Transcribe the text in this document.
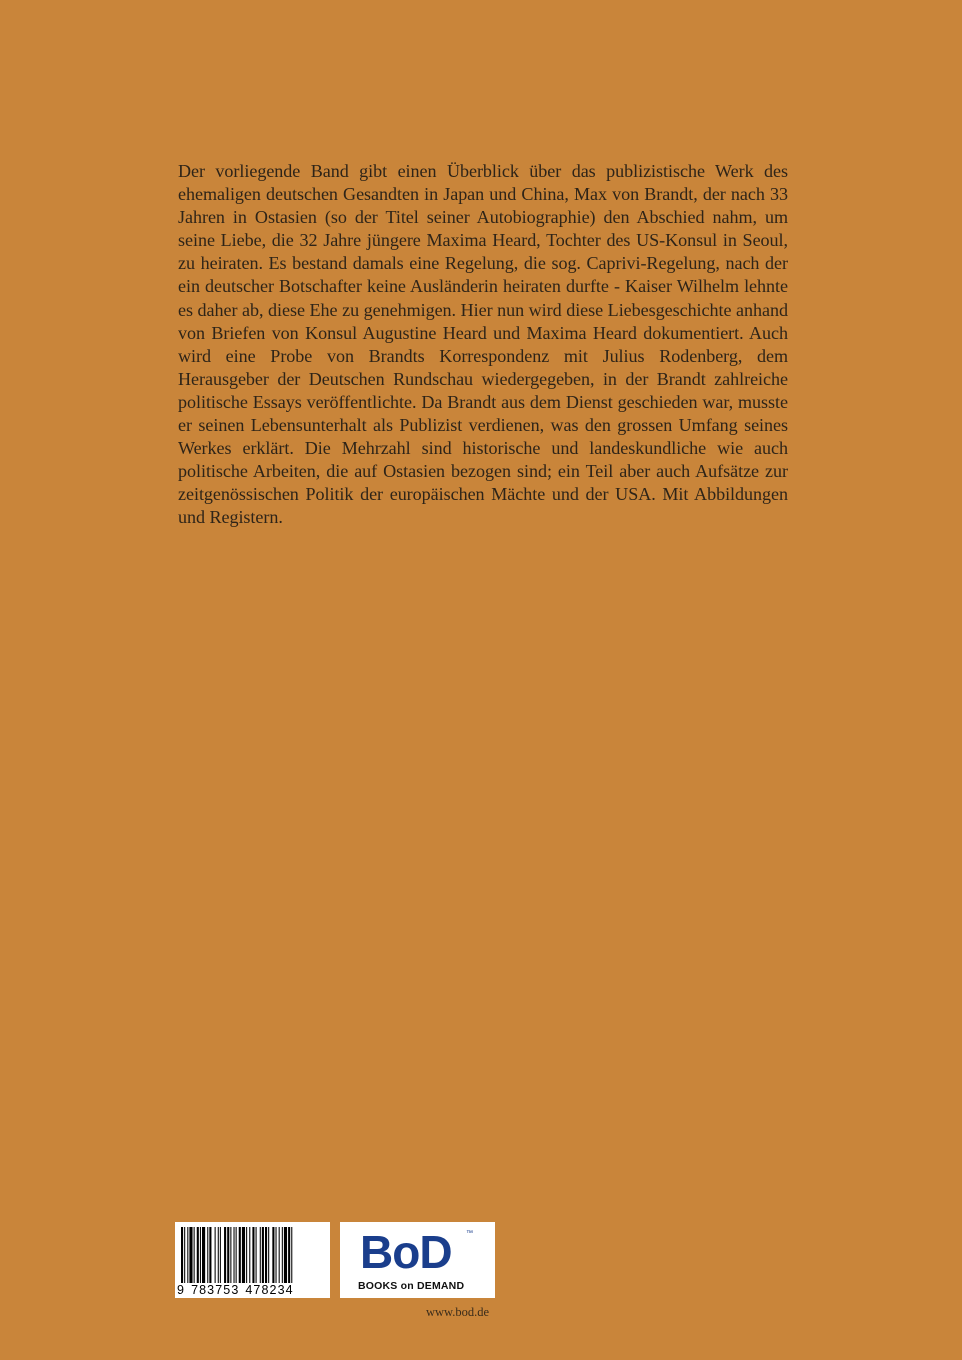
Der vorliegende Band gibt einen Überblick über das publizistische Werk des ehemaligen deutschen Gesandten in Japan und China, Max von Brandt, der nach 33 Jahren in Ostasien (so der Titel seiner Autobiographie) den Abschied nahm, um seine Liebe, die 32 Jahre jüngere Maxima Heard, Tochter des US-Konsul in Seoul, zu heiraten. Es bestand damals eine Regelung, die sog. Caprivi-Regelung, nach der ein deutscher Botschafter keine Ausländerin heiraten durfte - Kaiser Wilhelm lehnte es daher ab, diese Ehe zu genehmigen. Hier nun wird diese Liebesgeschichte anhand von Briefen von Konsul Augustine Heard und Maxima Heard dokumentiert. Auch wird eine Probe von Brandts Korrespondenz mit Julius Rodenberg, dem Herausgeber der Deutschen Rundschau wiedergegeben, in der Brandt zahlreiche politische Essays veröffentlichte. Da Brandt aus dem Dienst geschieden war, musste er seinen Lebensunterhalt als Publizist verdienen, was den grossen Umfang seines Werkes erklärt. Die Mehrzahl sind historische und landeskundliche wie auch politische Arbeiten, die auf Ostasien bezogen sind; ein Teil aber auch Aufsätze zur zeitgenössischen Politik der europäischen Mächte und der USA. Mit Abbildungen und Registern.

9 783753 478234
BoD ™
BOOKS on DEMAND
www.bod.de
